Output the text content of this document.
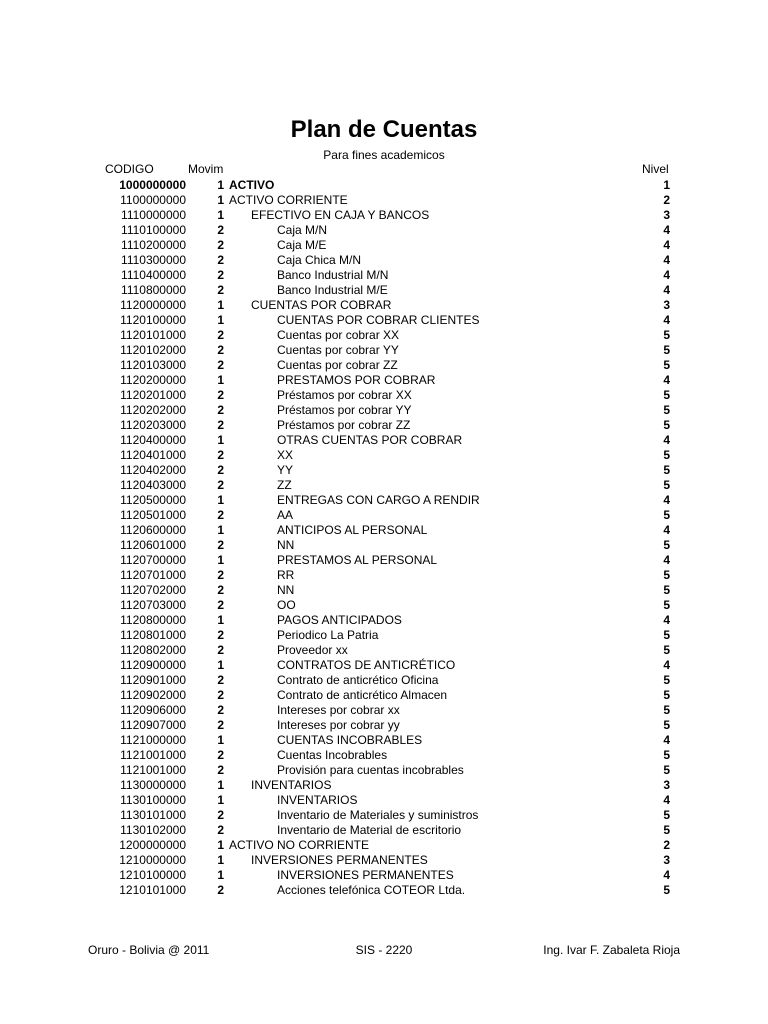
Plan de Cuentas
Para fines academicos
CODIGO	Movim	Nivel
1000000000	1 ACTIVO	1
1100000000	1 ACTIVO CORRIENTE	2
1110000000	1 EFECTIVO EN CAJA Y BANCOS	3
1110100000	2	Caja M/N	4
1110200000	2	Caja M/E	4
1110300000	2	Caja Chica M/N	4
1110400000	2	Banco Industrial M/N	4
1110800000	2	Banco Industrial M/E	4
1120000000	1 CUENTAS POR COBRAR	3
1120100000	1	CUENTAS POR COBRAR CLIENTES	4
1120101000	2	Cuentas por cobrar XX	5
1120102000	2	Cuentas por cobrar YY	5
1120103000	2	Cuentas por cobrar ZZ	5
1120200000	1	PRESTAMOS POR COBRAR	4
1120201000	2	Préstamos por cobrar XX	5
1120202000	2	Préstamos por cobrar YY	5
1120203000	2	Préstamos por cobrar ZZ	5
1120400000	1	OTRAS CUENTAS POR COBRAR	4
1120401000	2	XX	5
1120402000	2	YY	5
1120403000	2	ZZ	5
1120500000	1	ENTREGAS CON CARGO A RENDIR	4
1120501000	2	AA	5
1120600000	1	ANTICIPOS AL PERSONAL	4
1120601000	2	NN	5
1120700000	1	PRESTAMOS AL PERSONAL	4
1120701000	2	RR	5
1120702000	2	NN	5
1120703000	2	OO	5
1120800000	1	PAGOS ANTICIPADOS	4
1120801000	2	Periodico La Patria	5
1120802000	2	Proveedor xx	5
1120900000	1	CONTRATOS DE ANTICRÉTICO	4
1120901000	2	Contrato de anticrético Oficina	5
1120902000	2	Contrato de anticrético Almacen	5
1120906000	2	Intereses por cobrar xx	5
1120907000	2	Intereses por cobrar yy	5
1121000000	1	CUENTAS INCOBRABLES	4
1121001000	2	Cuentas Incobrables	5
1121001000	2	Provisión para cuentas incobrables	5
1130000000	1 INVENTARIOS	3
1130100000	1	INVENTARIOS	4
1130101000	2	Inventario de Materiales y suministros	5
1130102000	2	Inventario de Material de escritorio	5
1200000000	1 ACTIVO NO CORRIENTE	2
1210000000	1 INVERSIONES PERMANENTES	3
1210100000	1	INVERSIONES PERMANENTES	4
1210101000	2	Acciones telefónica COTEOR Ltda.	5
Oruro - Bolivia @ 2011	SIS - 2220	Ing. Ivar F. Zabaleta Rioja
